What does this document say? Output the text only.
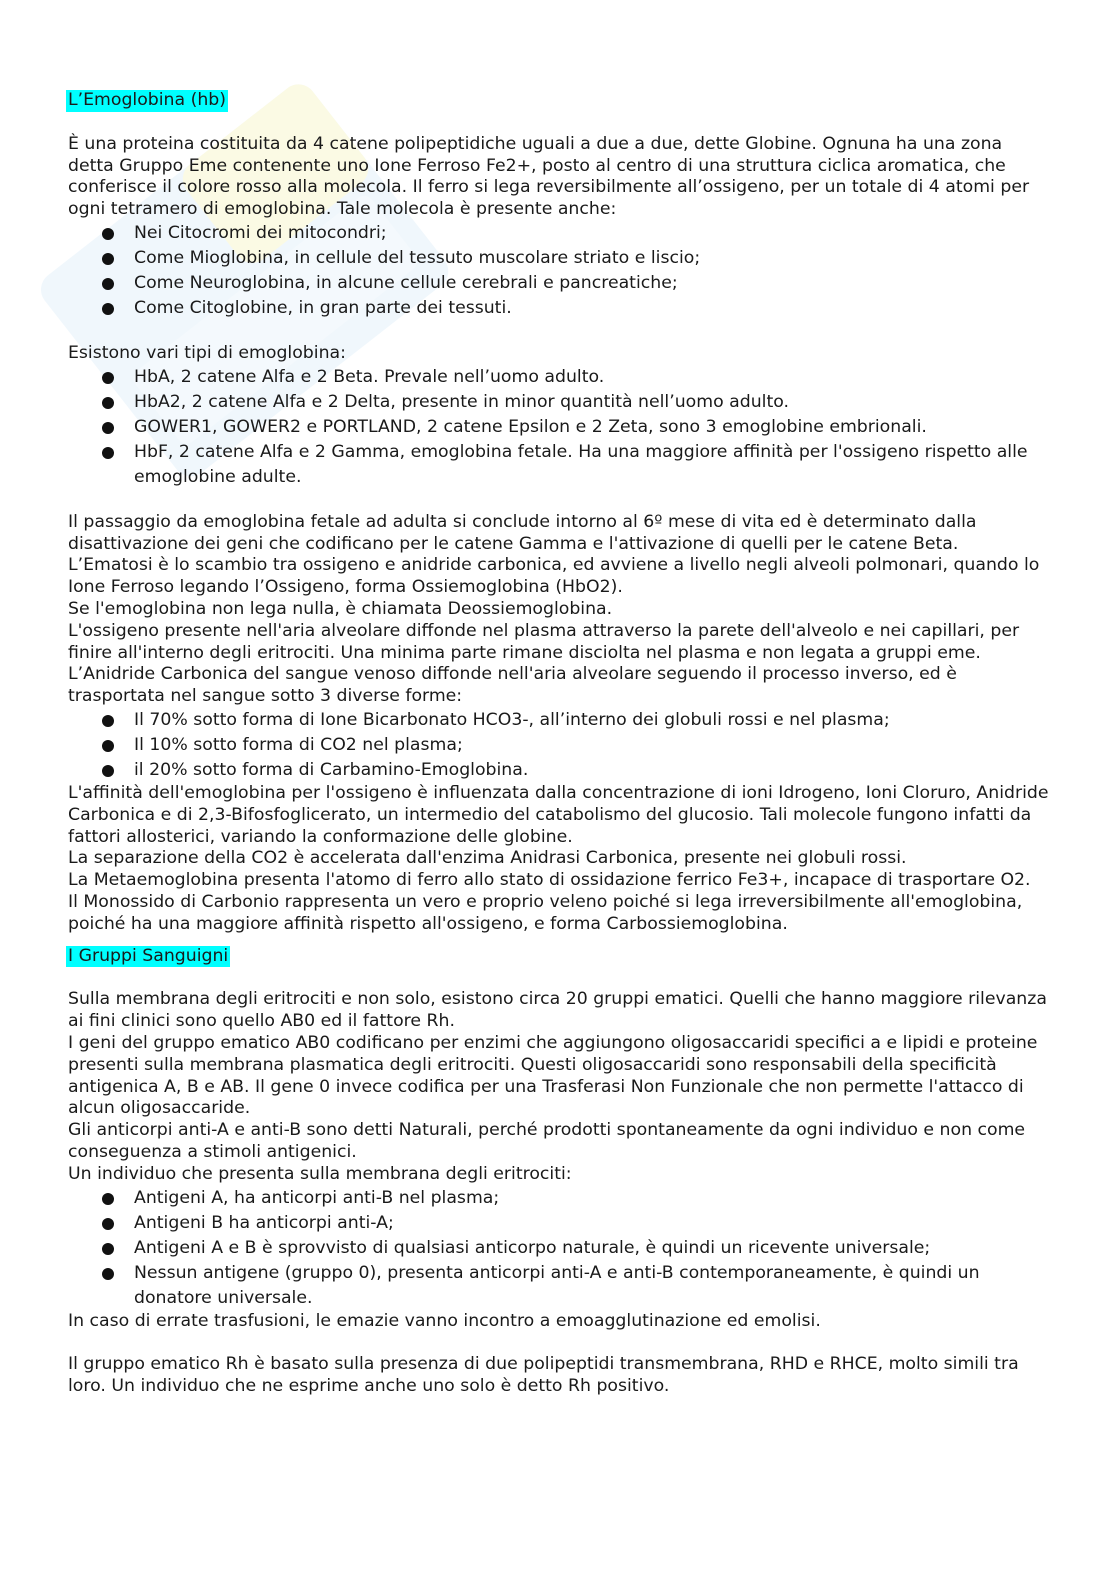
L’Emoglobina (hb)

È una proteina costituita da 4 catene polipeptidiche uguali a due a due, dette Globine. Ognuna ha una zona detta Gruppo Eme contenente uno Ione Ferroso Fe2+, posto al centro di una struttura ciclica aromatica, che conferisce il colore rosso alla molecola. Il ferro si lega reversibilmente all’ossigeno, per un totale di 4 atomi per ogni tetramero di emoglobina. Tale molecola è presente anche:

Nei Citocromi dei mitocondri;
Come Mioglobina, in cellule del tessuto muscolare striato e liscio;
Come Neuroglobina, in alcune cellule cerebrali e pancreatiche;
Come Citoglobine, in gran parte dei tessuti.

Esistono vari tipi di emoglobina:

HbA, 2 catene Alfa e 2 Beta. Prevale nell’uomo adulto.
HbA2, 2 catene Alfa e 2 Delta, presente in minor quantità nell’uomo adulto.
GOWER1, GOWER2 e PORTLAND, 2 catene Epsilon e 2 Zeta, sono 3 emoglobine embrionali.
HbF, 2 catene Alfa e 2 Gamma, emoglobina fetale. Ha una maggiore affinità per l'ossigeno rispetto alle emoglobine adulte.

Il passaggio da emoglobina fetale ad adulta si conclude intorno al 6º mese di vita ed è determinato dalla disattivazione dei geni che codificano per le catene Gamma e l'attivazione di quelli per le catene Beta.

L’Ematosi è lo scambio tra ossigeno e anidride carbonica, ed avviene a livello negli alveoli polmonari, quando lo Ione Ferroso legando l’Ossigeno, forma Ossiemoglobina (HbO2).

Se l'emoglobina non lega nulla, è chiamata Deossiemoglobina.

L'ossigeno presente nell'aria alveolare diffonde nel plasma attraverso la parete dell'alveolo e nei capillari, per finire all'interno degli eritrociti. Una minima parte rimane disciolta nel plasma e non legata a gruppi eme.

L’Anidride Carbonica del sangue venoso diffonde nell'aria alveolare seguendo il processo inverso, ed è trasportata nel sangue sotto 3 diverse forme:

Il 70% sotto forma di Ione Bicarbonato HCO3-, all’interno dei globuli rossi e nel plasma;
Il 10% sotto forma di CO2 nel plasma;
il 20% sotto forma di Carbamino-Emoglobina.

L'affinità dell'emoglobina per l'ossigeno è influenzata dalla concentrazione di ioni Idrogeno, Ioni Cloruro, Anidride Carbonica e di 2,3-Bifosfoglicerato, un intermedio del catabolismo del glucosio. Tali molecole fungono infatti da fattori allosterici, variando la conformazione delle globine.

La separazione della CO2 è accelerata dall'enzima Anidrasi Carbonica, presente nei globuli rossi.

La Metaemoglobina presenta l'atomo di ferro allo stato di ossidazione ferrico Fe3+, incapace di trasportare O2.

Il Monossido di Carbonio rappresenta un vero e proprio veleno poiché si lega irreversibilmente all'emoglobina, poiché ha una maggiore affinità rispetto all'ossigeno, e forma Carbossiemoglobina.

I Gruppi Sanguigni

Sulla membrana degli eritrociti e non solo, esistono circa 20 gruppi ematici. Quelli che hanno maggiore rilevanza ai fini clinici sono quello AB0 ed il fattore Rh.

I geni del gruppo ematico AB0 codificano per enzimi che aggiungono oligosaccaridi specifici a e lipidi e proteine presenti sulla membrana plasmatica degli eritrociti. Questi oligosaccaridi sono responsabili della specificità antigenica A, B e AB. Il gene 0 invece codifica per una Trasferasi Non Funzionale che non permette l'attacco di alcun oligosaccaride.

Gli anticorpi anti-A e anti-B sono detti Naturali, perché prodotti spontaneamente da ogni individuo e non come conseguenza a stimoli antigenici.

Un individuo che presenta sulla membrana degli eritrociti:

Antigeni A, ha anticorpi anti-B nel plasma;
Antigeni B ha anticorpi anti-A;
Antigeni A e B è sprovvisto di qualsiasi anticorpo naturale, è quindi un ricevente universale;
Nessun antigene (gruppo 0), presenta anticorpi anti-A e anti-B contemporaneamente, è quindi un donatore universale.

In caso di errate trasfusioni, le emazie vanno incontro a emoagglutinazione ed emolisi.

Il gruppo ematico Rh è basato sulla presenza di due polipeptidi transmembrana, RHD e RHCE, molto simili tra loro. Un individuo che ne esprime anche uno solo è detto Rh positivo.
